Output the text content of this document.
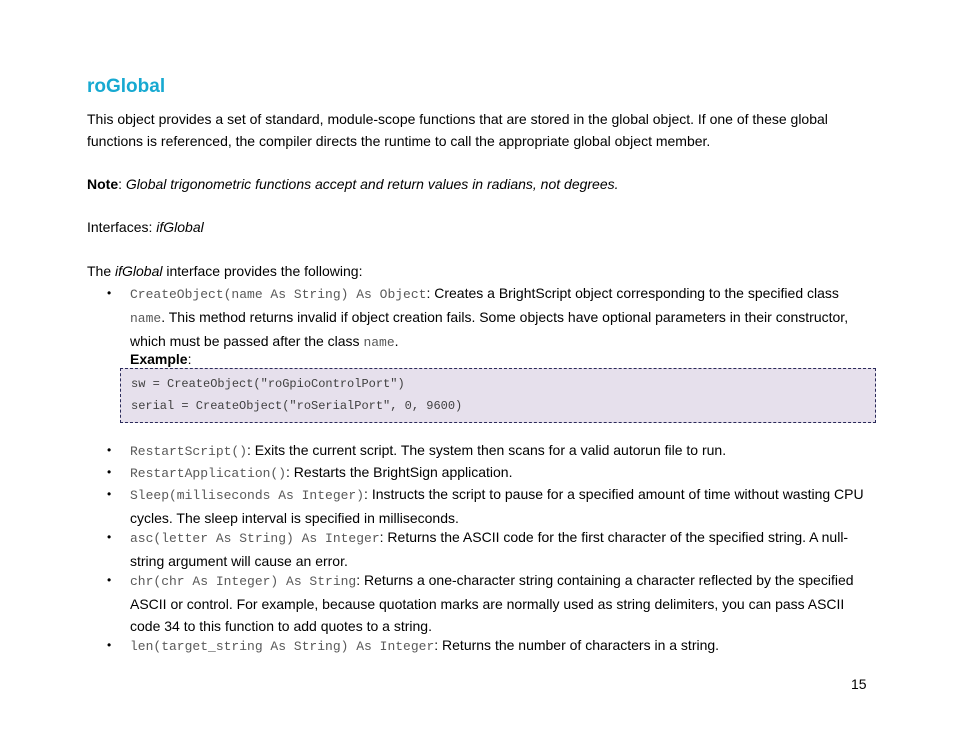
roGlobal

This object provides a set of standard, module-scope functions that are stored in the global object. If one of these global functions is referenced, the compiler directs the runtime to call the appropriate global object member.

Note: Global trigonometric functions accept and return values in radians, not degrees.

Interfaces: ifGlobal

The ifGlobal interface provides the following:

• CreateObject(name As String) As Object: Creates a BrightScript object corresponding to the specified class name. This method returns invalid if object creation fails. Some objects have optional parameters in their constructor, which must be passed after the class name.
Example:
sw = CreateObject("roGpioControlPort")
serial = CreateObject("roSerialPort", 0, 9600)
• RestartScript(): Exits the current script. The system then scans for a valid autorun file to run.
• RestartApplication(): Restarts the BrightSign application.
• Sleep(milliseconds As Integer): Instructs the script to pause for a specified amount of time without wasting CPU cycles. The sleep interval is specified in milliseconds.
• asc(letter As String) As Integer: Returns the ASCII code for the first character of the specified string. A null-string argument will cause an error.
• chr(chr As Integer) As String: Returns a one-character string containing a character reflected by the specified ASCII or control. For example, because quotation marks are normally used as string delimiters, you can pass ASCII code 34 to this function to add quotes to a string.
• len(target_string As String) As Integer: Returns the number of characters in a string.
15
